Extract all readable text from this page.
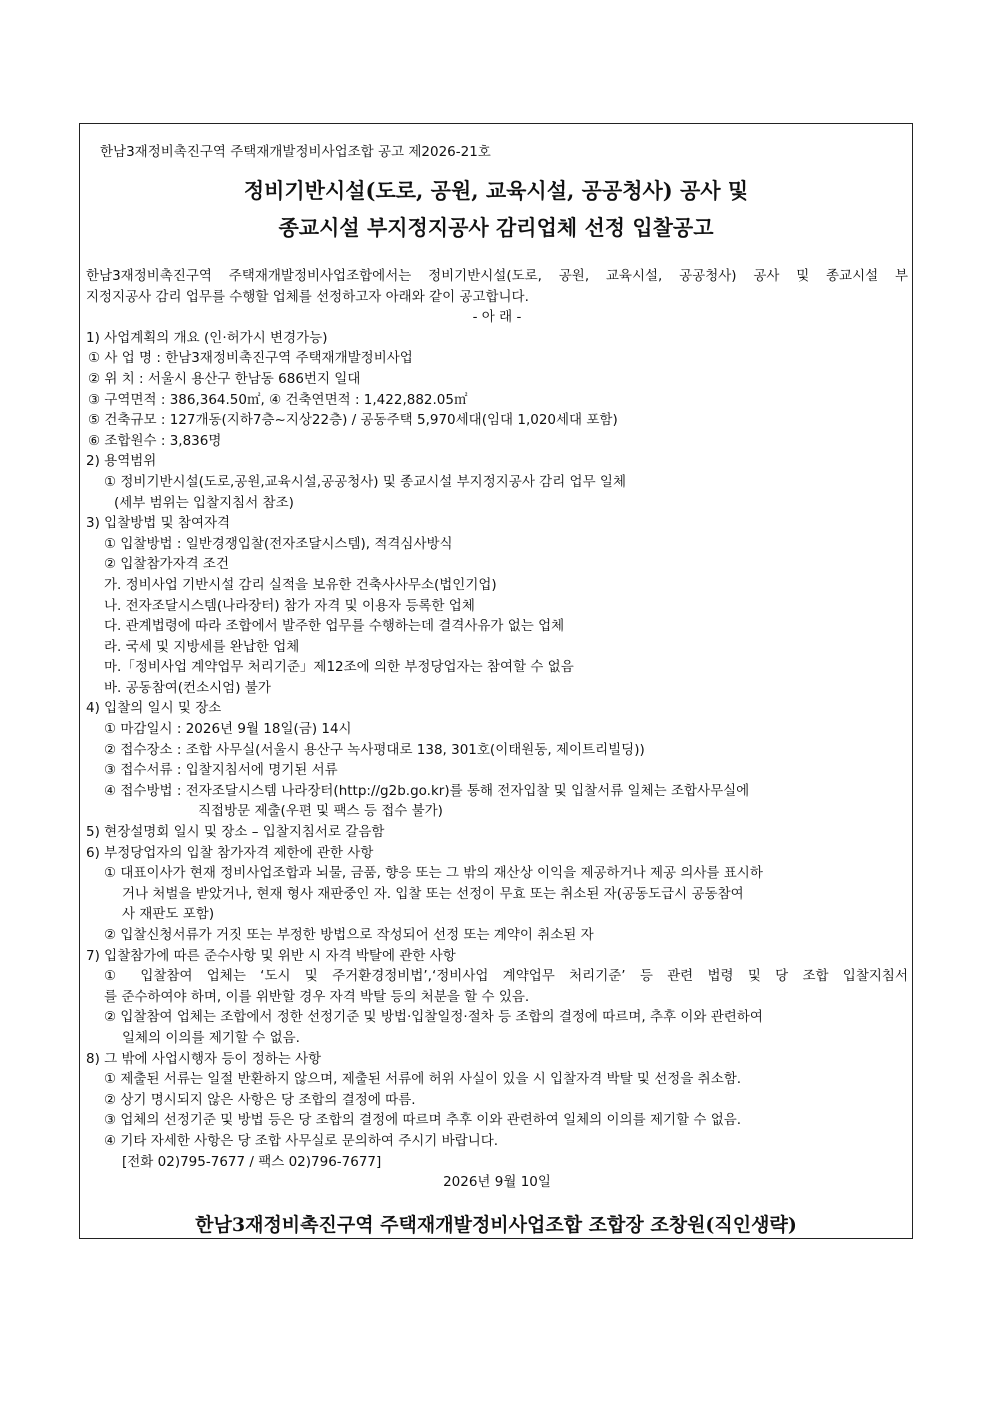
한남3재정비촉진구역 주택재개발정비사업조합 공고 제2026-21호
정비기반시설(도로, 공원, 교육시설, 공공청사) 공사 및
종교시설 부지정지공사 감리업체 선정 입찰공고
한남3재정비촉진구역 주택재개발정비사업조합에서는 정비기반시설(도로, 공원, 교육시설, 공공청사) 공사 및 종교시설 부
지정지공사 감리 업무를 수행할 업체를 선정하고자 아래와 같이 공고합니다.
- 아 래 -
1) 사업계획의 개요 (인·허가시 변경가능)
① 사 업 명 : 한남3재정비촉진구역 주택재개발정비사업
② 위 치 : 서울시 용산구 한남동 686번지 일대
③ 구역면적 : 386,364.50㎡, ④ 건축연면적 : 1,422,882.05㎡
⑤ 건축규모 : 127개동(지하7층~지상22층) / 공동주택 5,970세대(임대 1,020세대 포함)
⑥ 조합원수 : 3,836명
2) 용역범위
① 정비기반시설(도로,공원,교육시설,공공청사) 및 종교시설 부지정지공사 감리 업무 일체
(세부 범위는 입찰지침서 참조)
3) 입찰방법 및 참여자격
① 입찰방법 : 일반경쟁입찰(전자조달시스템), 적격심사방식
② 입찰참가자격 조건
가. 정비사업 기반시설 감리 실적을 보유한 건축사사무소(법인기업)
나. 전자조달시스템(나라장터) 참가 자격 및 이용자 등록한 업체
다. 관계법령에 따라 조합에서 발주한 업무를 수행하는데 결격사유가 없는 업체
라. 국세 및 지방세를 완납한 업체
마.「정비사업 계약업무 처리기준」제12조에 의한 부정당업자는 참여할 수 없음
바. 공동참여(컨소시엄) 불가
4) 입찰의 일시 및 장소
① 마감일시 : 2026년 9월 18일(금) 14시
② 접수장소 : 조합 사무실(서울시 용산구 녹사평대로 138, 301호(이태원동, 제이트리빌딩))
③ 접수서류 : 입찰지침서에 명기된 서류
④ 접수방법 : 전자조달시스템 나라장터(http://g2b.go.kr)를 통해 전자입찰 및 입찰서류 일체는 조합사무실에
직접방문 제출(우편 및 팩스 등 접수 불가)
5) 현장설명회 일시 및 장소 – 입찰지침서로 갈음함
6) 부정당업자의 입찰 참가자격 제한에 관한 사항
① 대표이사가 현재 정비사업조합과 뇌물, 금품, 향응 또는 그 밖의 재산상 이익을 제공하거나 제공 의사를 표시하
거나 처벌을 받았거나, 현재 형사 재판중인 자. 입찰 또는 선정이 무효 또는 취소된 자(공동도급시 공동참여
사 재판도 포함)
② 입찰신청서류가 거짓 또는 부정한 방법으로 작성되어 선정 또는 계약이 취소된 자
7) 입찰참가에 따른 준수사항 및 위반 시 자격 박탈에 관한 사항
① 입찰참여 업체는 ‘도시 및 주거환경정비법’,‘정비사업 계약업무 처리기준’ 등 관련 법령 및 당 조합 입찰지침서
를 준수하여야 하며, 이를 위반할 경우 자격 박탈 등의 처분을 할 수 있음.
② 입찰참여 업체는 조합에서 정한 선정기준 및 방법·입찰일정·절차 등 조합의 결정에 따르며, 추후 이와 관련하여
일체의 이의를 제기할 수 없음.
8) 그 밖에 사업시행자 등이 정하는 사항
① 제출된 서류는 일절 반환하지 않으며, 제출된 서류에 허위 사실이 있을 시 입찰자격 박탈 및 선정을 취소함.
② 상기 명시되지 않은 사항은 당 조합의 결정에 따름.
③ 업체의 선정기준 및 방법 등은 당 조합의 결정에 따르며 추후 이와 관련하여 일체의 이의를 제기할 수 없음.
④ 기타 자세한 사항은 당 조합 사무실로 문의하여 주시기 바랍니다.
[전화 02)795-7677 / 팩스 02)796-7677]
2026년 9월 10일
한남3재정비촉진구역 주택재개발정비사업조합 조합장 조창원(직인생략)
